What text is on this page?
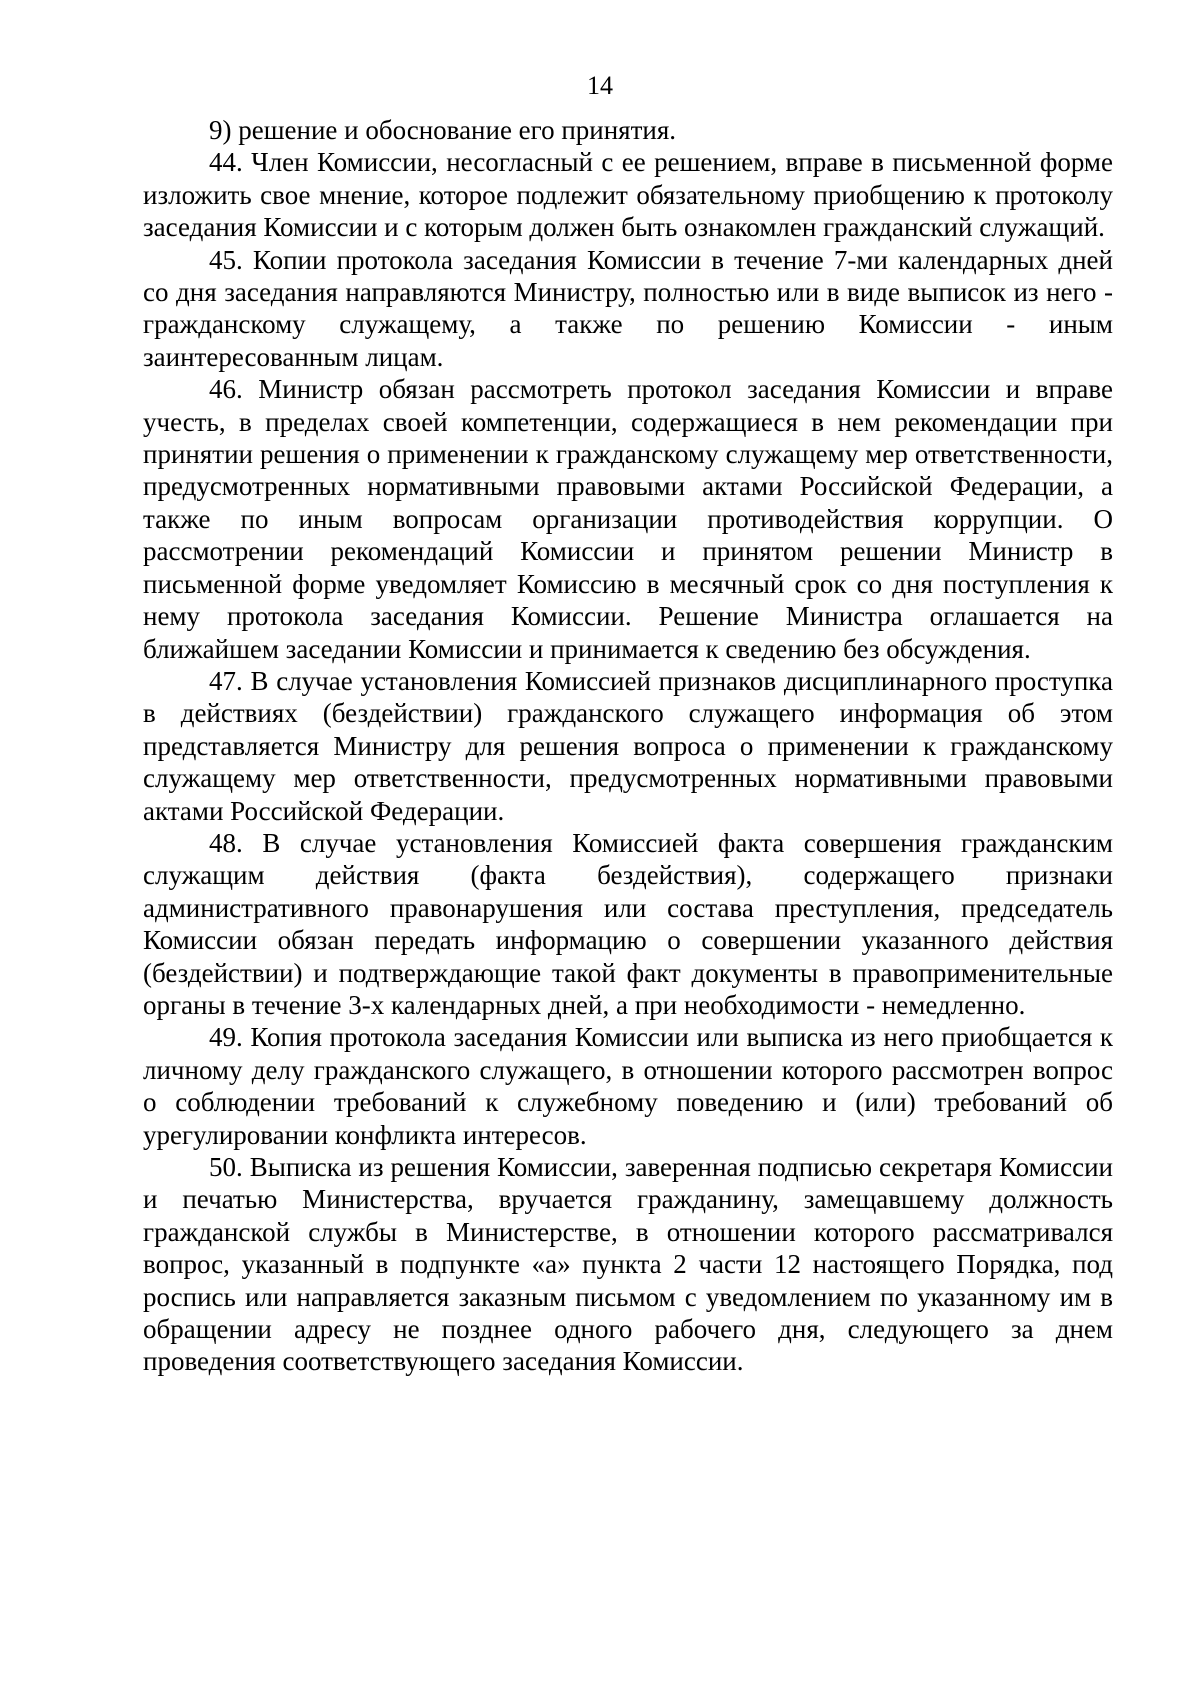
14

9) решение и обоснование его принятия.

44. Член Комиссии, несогласный с ее решением, вправе в письменной форме изложить свое мнение, которое подлежит обязательному приобщению к протоколу заседания Комиссии и с которым должен быть ознакомлен гражданский служащий.

45. Копии протокола заседания Комиссии в течение 7-ми календарных дней со дня заседания направляются Министру, полностью или в виде выписок из него - гражданскому служащему, а также по решению Комиссии - иным заинтересованным лицам.

46. Министр обязан рассмотреть протокол заседания Комиссии и вправе учесть, в пределах своей компетенции, содержащиеся в нем рекомендации при принятии решения о применении к гражданскому служащему мер ответственности, предусмотренных нормативными правовыми актами Российской Федерации, а также по иным вопросам организации противодействия коррупции. О рассмотрении рекомендаций Комиссии и принятом решении Министр в письменной форме уведомляет Комиссию в месячный срок со дня поступления к нему протокола заседания Комиссии. Решение Министра оглашается на ближайшем заседании Комиссии и принимается к сведению без обсуждения.

47. В случае установления Комиссией признаков дисциплинарного проступка в действиях (бездействии) гражданского служащего информация об этом представляется Министру для решения вопроса о применении к гражданскому служащему мер ответственности, предусмотренных нормативными правовыми актами Российской Федерации.

48. В случае установления Комиссией факта совершения гражданским служащим действия (факта бездействия), содержащего признаки административного правонарушения или состава преступления, председатель Комиссии обязан передать информацию о совершении указанного действия (бездействии) и подтверждающие такой факт документы в правоприменительные органы в течение 3-х календарных дней, а при необходимости - немедленно.

49. Копия протокола заседания Комиссии или выписка из него приобщается к личному делу гражданского служащего, в отношении которого рассмотрен вопрос о соблюдении требований к служебному поведению и (или) требований об урегулировании конфликта интересов.

50. Выписка из решения Комиссии, заверенная подписью секретаря Комиссии и печатью Министерства, вручается гражданину, замещавшему должность гражданской службы в Министерстве, в отношении которого рассматривался вопрос, указанный в подпункте «а» пункта 2 части 12 настоящего Порядка, под роспись или направляется заказным письмом с уведомлением по указанному им в обращении адресу не позднее одного рабочего дня, следующего за днем проведения соответствующего заседания Комиссии.
